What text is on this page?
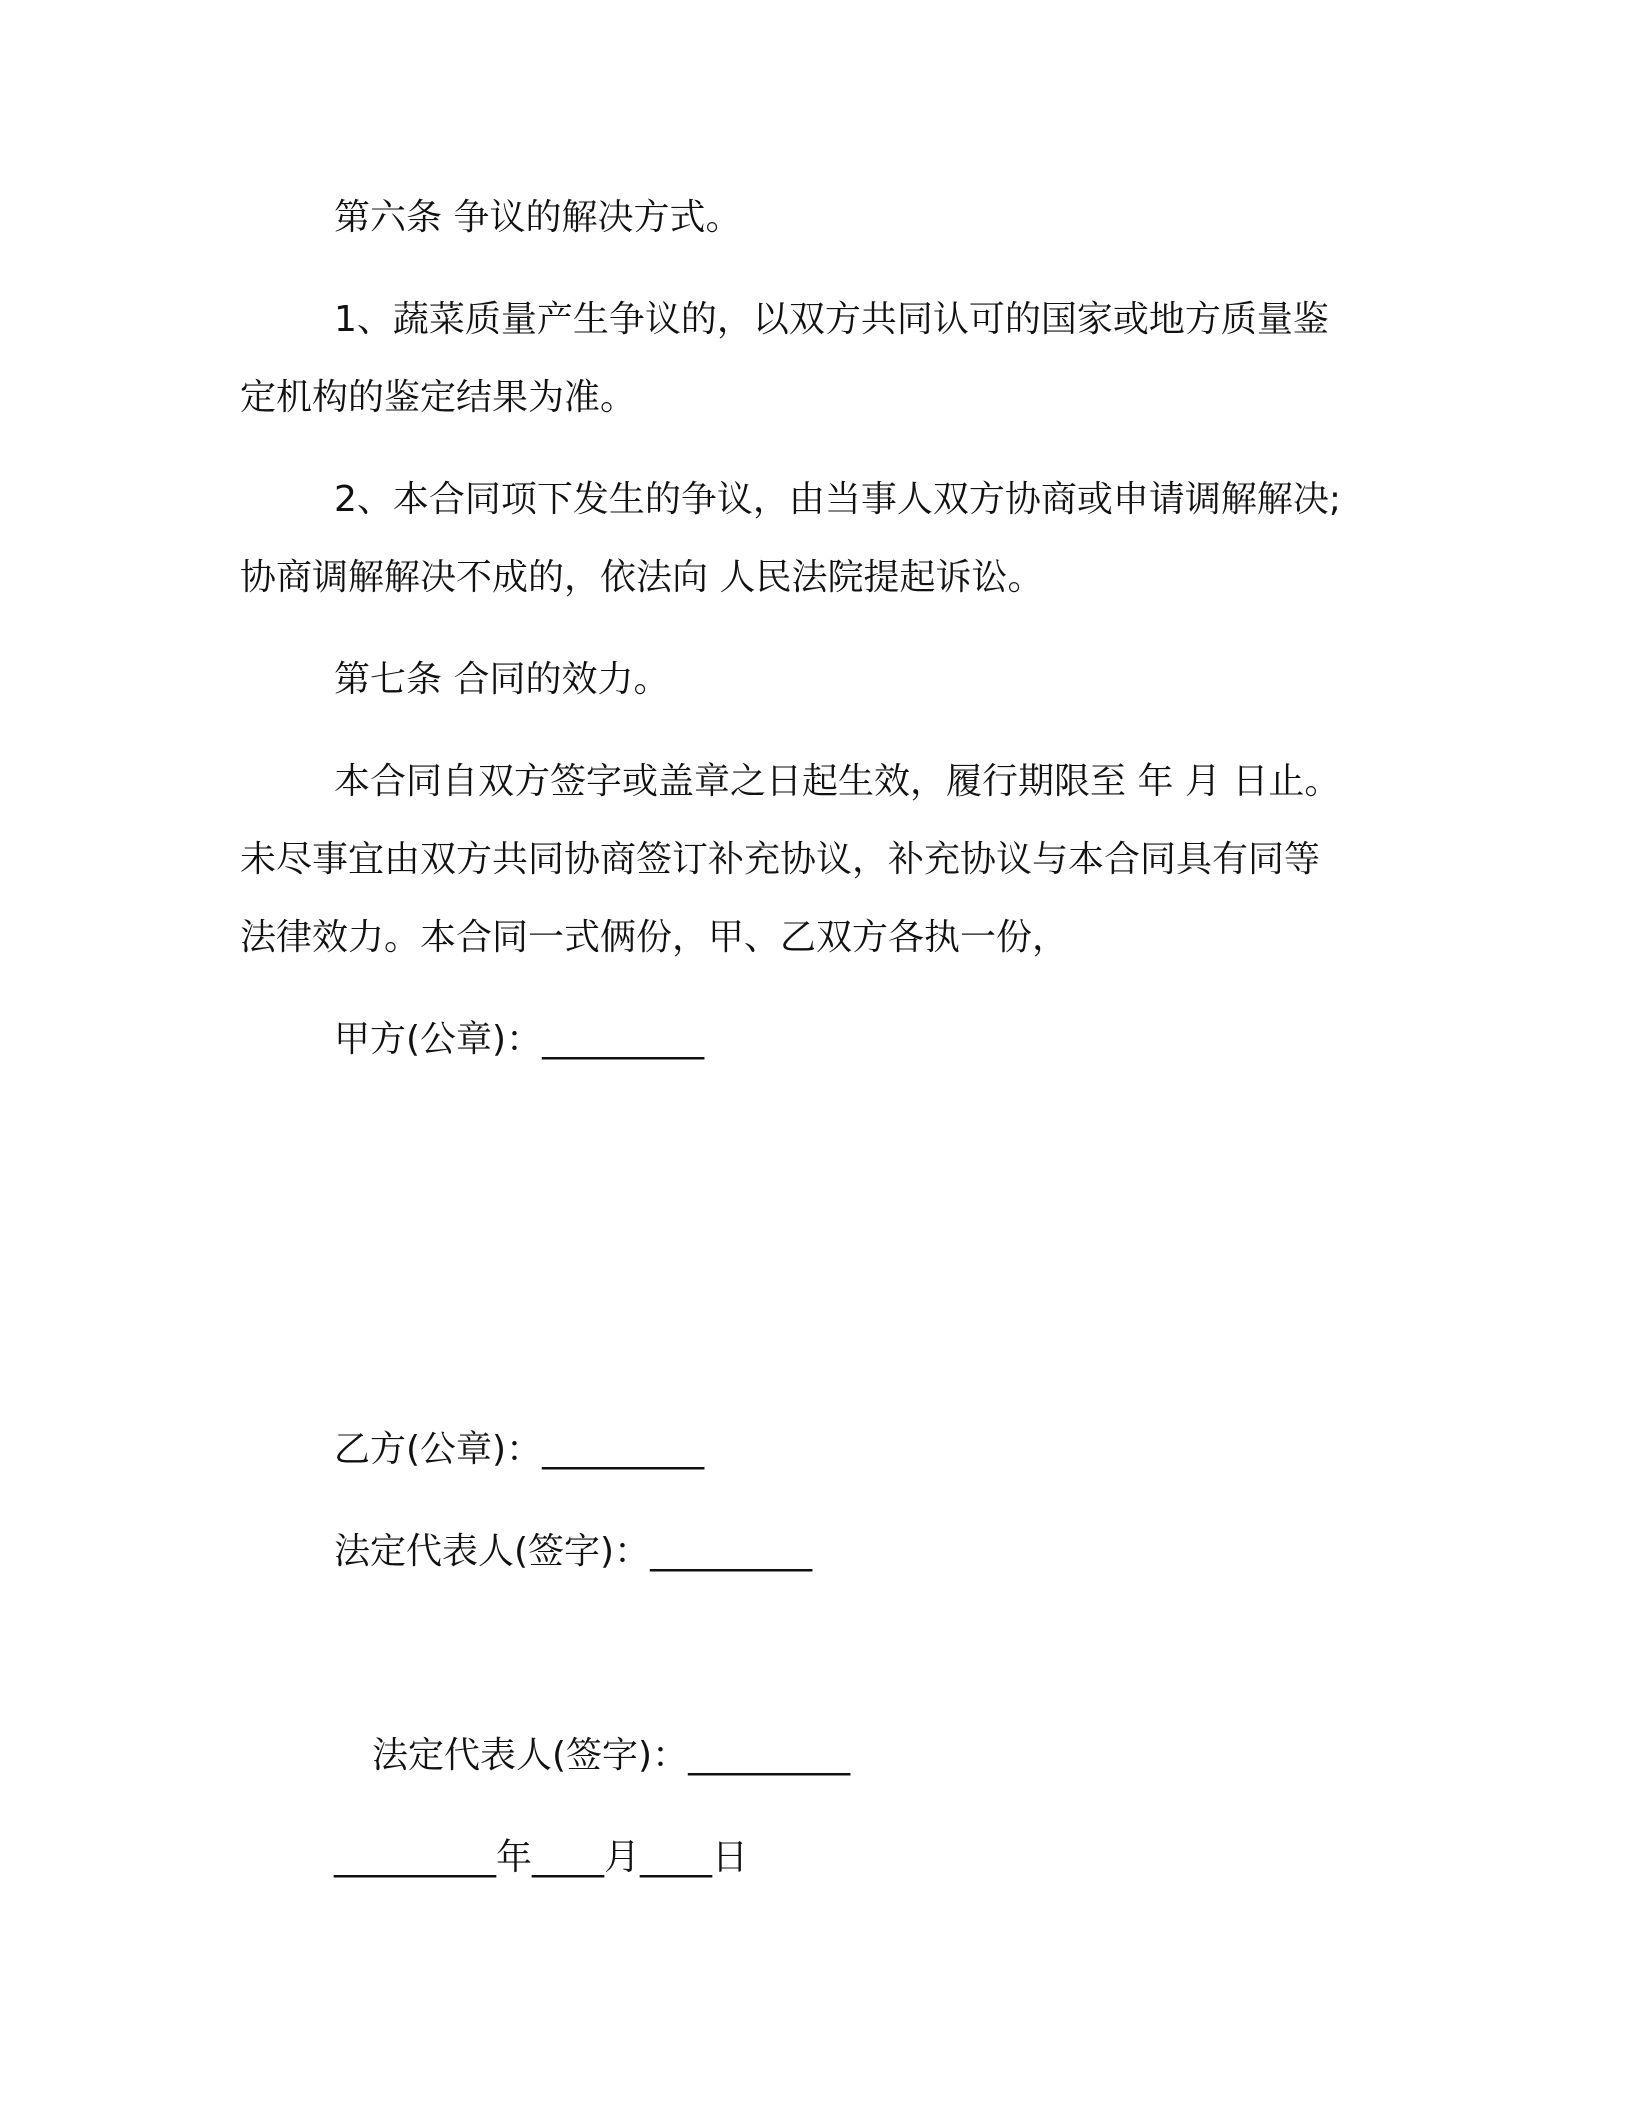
第六条 争议的解决方式。
1、蔬菜质量产生争议的，以双方共同认可的国家或地方质量鉴
定机构的鉴定结果为准。
2、本合同项下发生的争议，由当事人双方协商或申请调解解决;
协商调解解决不成的，依法向 人民法院提起诉讼。
第七条 合同的效力。
本合同自双方签字或盖章之日起生效，履行期限至 年 月 日止。
未尽事宜由双方共同协商签订补充协议，补充协议与本合同具有同等
法律效力。本合同一式俩份，甲、乙双方各执一份，
甲方(公章)：_________
乙方(公章)：_________
法定代表人(签字)：_________
法定代表人(签字)：_________
_________年____月____日
